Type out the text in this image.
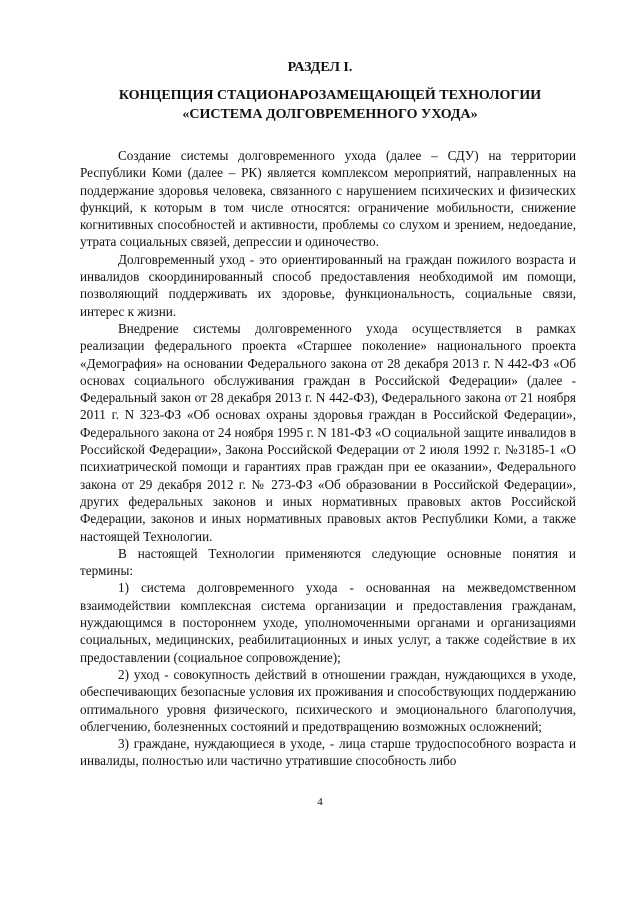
РАЗДЕЛ I.
КОНЦЕПЦИЯ СТАЦИОНАРОЗАМЕЩАЮЩЕЙ ТЕХНОЛОГИИ
«СИСТЕМА ДОЛГОВРЕМЕННОГО УХОДА»

Создание системы долговременного ухода (далее – СДУ) на территории Республики Коми (далее – РК) является комплексом мероприятий, направленных на поддержание здоровья человека, связанного с нарушением психических и физических функций, к которым в том числе относятся: ограничение мобильности, снижение когнитивных способностей и активности, проблемы со слухом и зрением, недоедание, утрата социальных связей, депрессии и одиночество.

Долговременный уход - это ориентированный на граждан пожилого возраста и инвалидов скоординированный способ предоставления необходимой им помощи, позволяющий поддерживать их здоровье, функциональность, социальные связи, интерес к жизни.

Внедрение системы долговременного ухода осуществляется в рамках реализации федерального проекта «Старшее поколение» национального проекта «Демография» на основании Федерального закона от 28 декабря 2013 г. N 442-ФЗ «Об основах социального обслуживания граждан в Российской Федерации» (далее - Федеральный закон от 28 декабря 2013 г. N 442-ФЗ), Федерального закона от 21 ноября 2011 г. N 323-ФЗ «Об основах охраны здоровья граждан в Российской Федерации», Федерального закона от 24 ноября 1995 г. N 181-ФЗ «О социальной защите инвалидов в Российской Федерации», Закона Российской Федерации от 2 июля 1992 г. №3185-1 «О психиатрической помощи и гарантиях прав граждан при ее оказании», Федерального закона от 29 декабря 2012 г. № 273-ФЗ «Об образовании в Российской Федерации», других федеральных законов и иных нормативных правовых актов Российской Федерации, законов и иных нормативных правовых актов Республики Коми, а также настоящей Технологии.

В настоящей Технологии применяются следующие основные понятия и термины:

1) система долговременного ухода - основанная на межведомственном взаимодействии комплексная система организации и предоставления гражданам, нуждающимся в постороннем уходе, уполномоченными органами и организациями социальных, медицинских, реабилитационных и иных услуг, а также содействие в их предоставлении (социальное сопровождение);

2) уход - совокупность действий в отношении граждан, нуждающихся в уходе, обеспечивающих безопасные условия их проживания и способствующих поддержанию оптимального уровня физического, психического и эмоционального благополучия, облегчению, болезненных состояний и предотвращению возможных осложнений;

3) граждане, нуждающиеся в уходе, - лица старше трудоспособного возраста и инвалиды, полностью или частично утратившие способность либо

4
